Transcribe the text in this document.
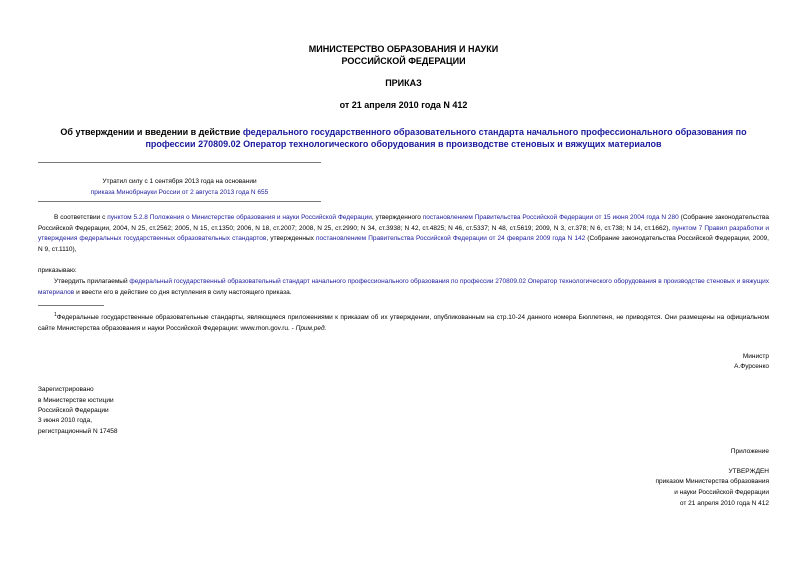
МИНИСТЕРСТВО ОБРАЗОВАНИЯ И НАУКИ
РОССИЙСКОЙ ФЕДЕРАЦИИ
ПРИКАЗ
от 21 апреля 2010 года N 412
Об утверждении и введении в действие федерального государственного образовательного стандарта начального профессионального образования по профессии 270809.02 Оператор технологического оборудования в производстве стеновых и вяжущих материалов
Утратил силу с 1 сентября 2013 года на основании
приказа Минобрнауки России от 2 августа 2013 года N 655
В соответствии с пунктом 5.2.8 Положения о Министерстве образования и науки Российской Федерации, утвержденного постановлением Правительства Российской Федерации от 15 июня 2004 года N 280 (Собрание законодательства Российской Федерации, 2004, N 25, ст.2562; 2005, N 15, ст.1350; 2006, N 18, ст.2007; 2008, N 25, ст.2990; N 34, ст.3938; N 42, ст.4825; N 46, ст.5337; N 48, ст.5619; 2009, N 3, ст.378; N 6, ст.738; N 14, ст.1662), пунктом 7 Правил разработки и утверждения федеральных государственных образовательных стандартов, утвержденных постановлением Правительства Российской Федерации от 24 февраля 2009 года N 142 (Собрание законодательства Российской Федерации, 2009, N 9, ст.1110),
приказываю:
Утвердить прилагаемый федеральный государственный образовательный стандарт начального профессионального образования по профессии 270809.02 Оператор технологического оборудования в производстве стеновых и вяжущих материалов и ввести его в действие со дня вступления в силу настоящего приказа.
$^1$Федеральные государственные образовательные стандарты, являющиеся приложениями к приказам об их утверждении, опубликованным на стр.10-24 данного номера Бюллетеня, не приводятся. Они размещены на официальном сайте Министерства образования и науки Российской Федерации: www.mon.gov.ru. - Прим.ред.
Министр
А.Фурсенко
Зарегистрировано
в Министерстве юстиции
Российской Федерации
3 июня 2010 года,
регистрационный N 17458
Приложение
УТВЕРЖДЕН
приказом Министерства образования
и науки Российской Федерации
от 21 апреля 2010 года N 412
